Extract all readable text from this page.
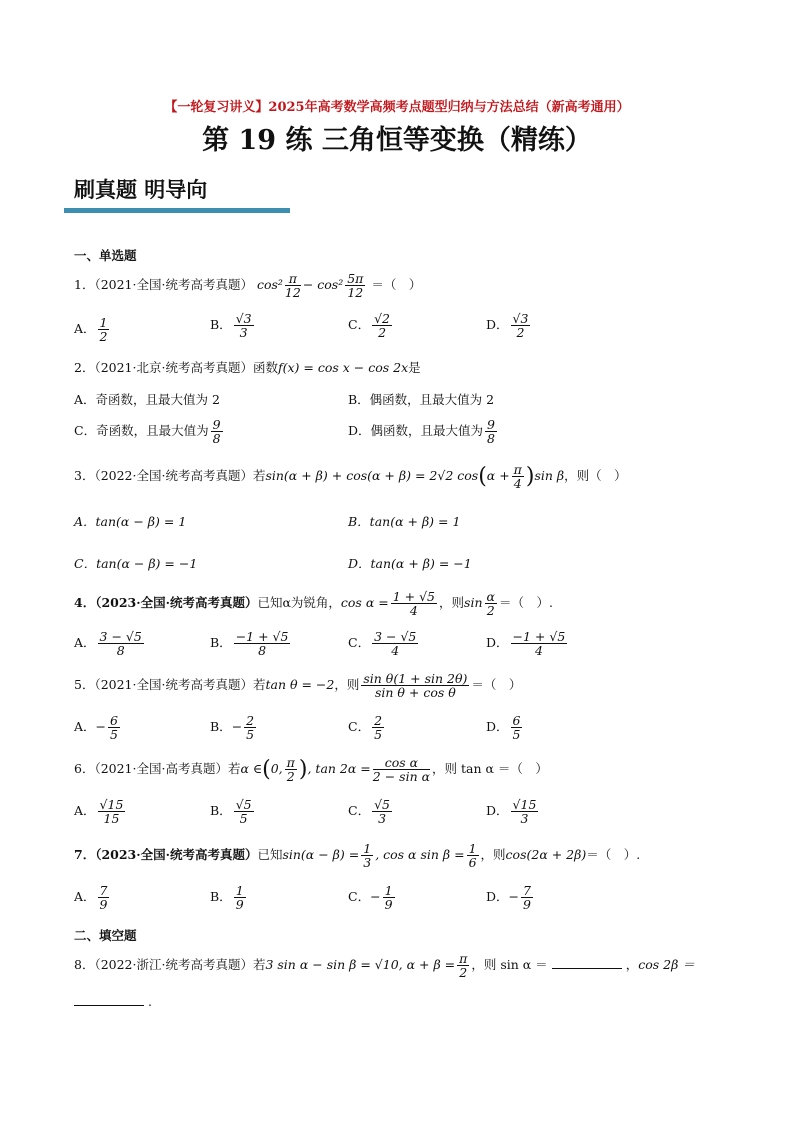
【一轮复习讲义】2025年高考数学高频考点题型归纳与方法总结（新高考通用）
第 19 练 三角恒等变换（精练）
刷真题 明导向
一、单选题
1．（2021·全国·统考高考真题） $\cos^2 \frac{\pi}{12} - \cos^2 \frac{5\pi}{12}$ ＝（　）
A． $\frac{1}{2}$	B． $\frac{√3}{3}$	C． $\frac{√2}{2}$	D． $\frac{√3}{2}$
2．（2021·北京·统考高考真题）函数f(x) = cos x − cos 2x是
A．奇函数，且最大值为 2	B．偶函数，且最大值为 2
C．奇函数，且最大值为 $\frac{9}{8}$	D．偶函数，且最大值为 $\frac{9}{8}$
3．（2022·全国·统考高考真题）若sin(α + β) + cos(α + β) = 2√2 $\cos(\alpha + \frac{\pi}{4} )\sin$ β，则（　）
A．tan(α − β) = 1	B．tan(α + β) = 1
C．tan(α − β) = −1	D．tan(α + β) = −1
4．（2023·全国·统考高考真题）已知α为锐角，$\cos \alpha = \frac{1 + √5}{4}$ ，则$\sin \frac{\alpha}{2}$ ＝（　）.
A． $\frac{3 - √5}{8}$	B． $\frac{-1 + √5}{8}$	C． $\frac{3 - √5}{4}$	D． $\frac{-1 + √5}{4}$
5．（2021·全国·统考高考真题）若tan θ = −2，则 $\frac{\text{sin θ(1 + sin 2θ)}}{\text{sin θ + cos θ}}$ ＝（　）
A．− $\frac{6}{5}$	B．− $\frac{2}{5}$	C． $\frac{2}{5}$	D． $\frac{6}{5}$
6．（2021·全国·高考真题）若α ∈(0, $\frac{\pi}{2}$ ), $\tan 2\alpha = \frac{\text{cos α}}{\text{2 − sin α}}$ ，则 tan α ＝（　）
A． $\frac{√15}{15}$	B． $\frac{√5}{5}$	C． $\frac{√5}{3}$	D． $\frac{√15}{3}$
7．（2023·全国·统考高考真题）已知$\sin(\alpha - \beta) = \frac{1}{3}$ , cos α $\sin \beta = \frac{1}{6}$ ，则cos(2α + 2β)＝（　）.
A． $\frac{7}{9}$	B． $\frac{1}{9}$	C．− $\frac{1}{9}$	D．− $\frac{7}{9}$
二、填空题
8．（2022·浙江·统考高考真题）若3 sin α − sin β = √10, $\alpha + \beta = \frac{\pi}{2}$ ，则 sin α ＝	，cos 2β ＝
.
